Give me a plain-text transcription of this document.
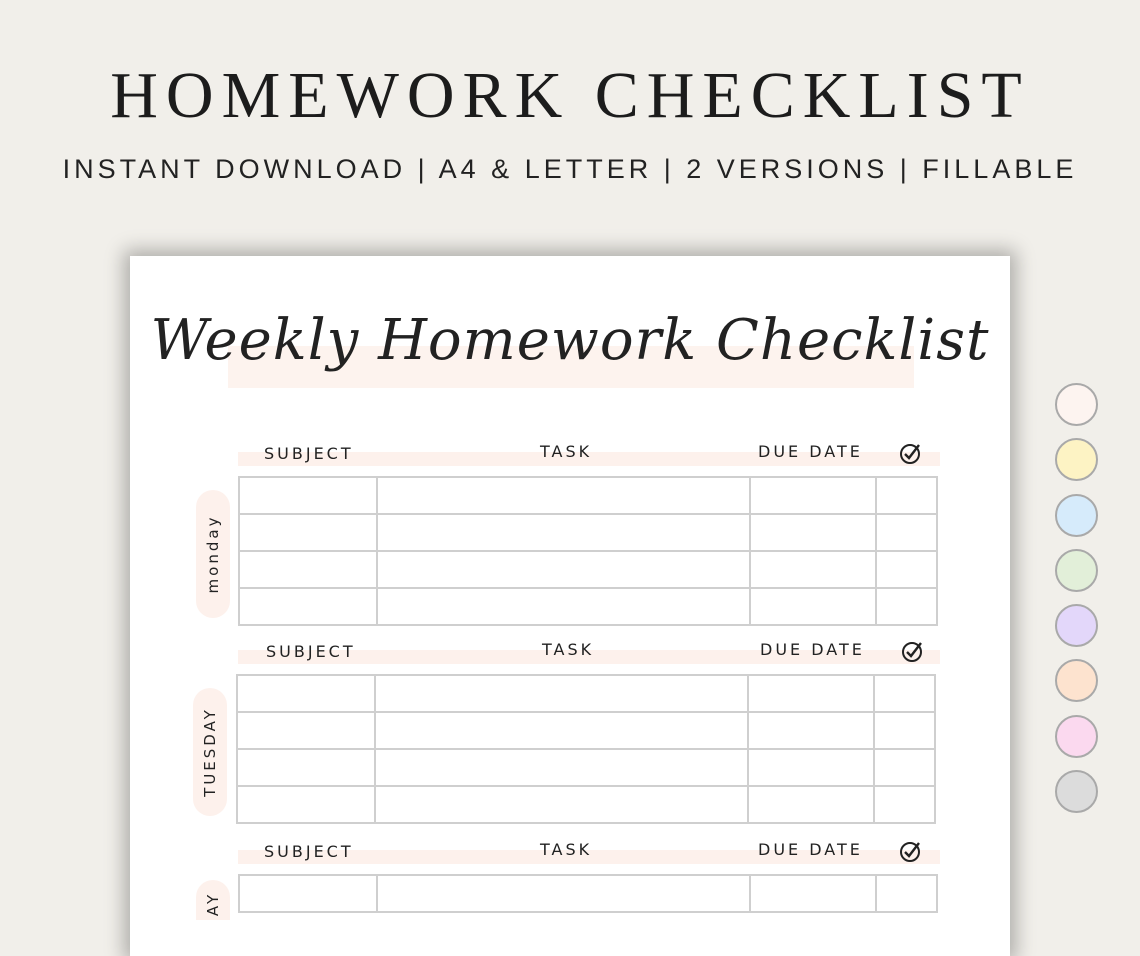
HOMEWORK CHECKLIST
INSTANT DOWNLOAD | A4 & LETTER | 2 VERSIONS | FILLABLE
Weekly Homework Checklist
SUBJECT	TASK	DUE DATE
monday

SUBJECT	TASK	DUE DATE
TUESDAY

SUBJECT	TASK	DUE DATE
AY
